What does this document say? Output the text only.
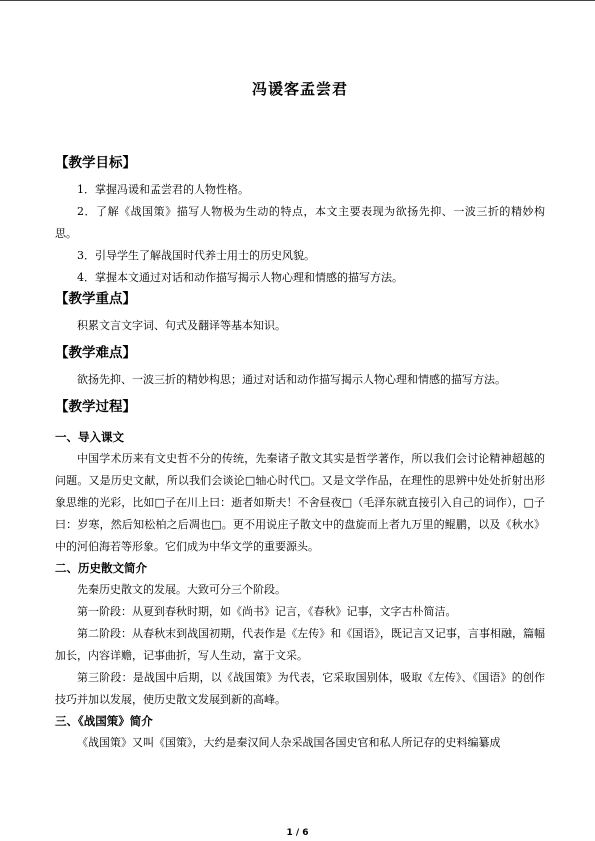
冯谖客孟尝君
【教学目标】

1．掌握冯谖和孟尝君的人物性格。

2．了解《战国策》描写人物极为生动的特点，本文主要表现为欲扬先抑、一波三折的精妙构思。

3．引导学生了解战国时代养士用士的历史风貌。

4．掌握本文通过对话和动作描写揭示人物心理和情感的描写方法。

【教学重点】

积累文言文字词、句式及翻译等基本知识。

【教学难点】

欲扬先抑、一波三折的精妙构思；通过对话和动作描写揭示人物心理和情感的描写方法。

【教学过程】
一、导入课文

中国学术历来有文史哲不分的传统，先秦诸子散文其实是哲学著作，所以我们会讨论精神超越的问题。又是历史文献，所以我们会谈论□轴心时代□。又是文学作品，在理性的思辨中处处折射出形象思维的光彩，比如□子在川上曰：逝者如斯夫！不舍昼夜□（毛泽东就直接引入自己的词作），□子曰：岁寒，然后知松柏之后凋也□。更不用说庄子散文中的盘旋而上者九万里的鲲鹏，以及《秋水》中的河伯海若等形象。它们成为中华文学的重要源头。

二、历史散文简介

先秦历史散文的发展。大致可分三个阶段。

第一阶段：从夏到春秋时期，如《尚书》记言，《春秋》记事，文字古朴简洁。

第二阶段：从春秋末到战国初期，代表作是《左传》和《国语》，既记言又记事，言事相融，篇幅加长，内容详赡，记事曲折，写人生动，富于文采。

第三阶段：是战国中后期，以《战国策》为代表，它采取国别体，吸取《左传》、《国语》的创作技巧并加以发展，使历史散文发展到新的高峰。

三、《战国策》简介

《战国策》又叫《国策》，大约是秦汉间人杂采战国各国史官和私人所记存的史料编纂成

1 / 6
